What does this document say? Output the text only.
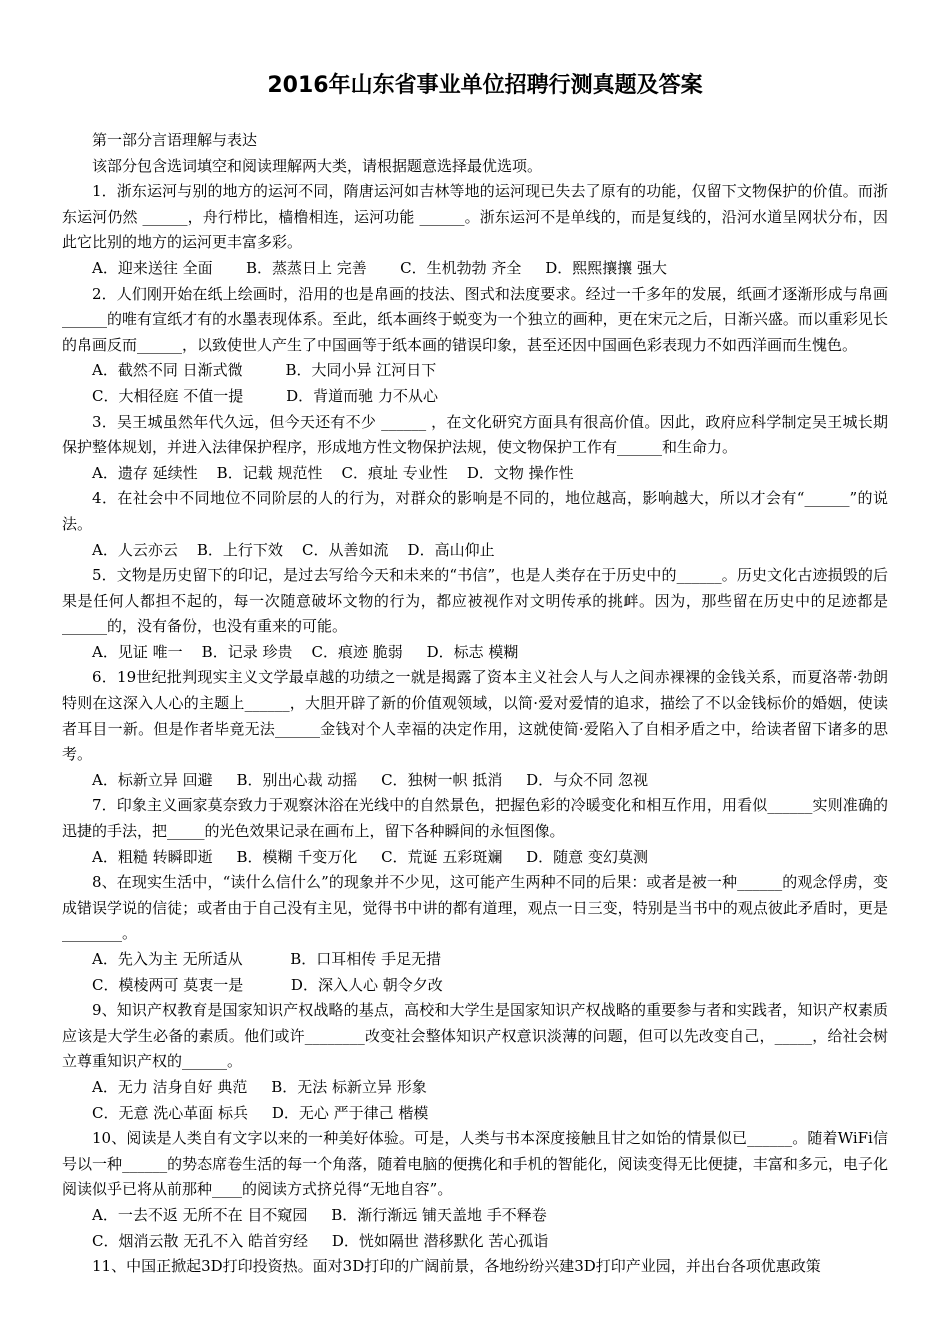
2016年山东省事业单位招聘行测真题及答案

第一部分言语理解与表达

该部分包含选词填空和阅读理解两大类，请根据题意选择最优选项。

1．浙东运河与别的地方的运河不同，隋唐运河如吉林等地的运河现已失去了原有的功能，仅留下文物保护的价值。而浙东运河仍然 ______，舟行栉比，樯橹相连，运河功能 ______。浙东运河不是单线的，而是复线的，沿河水道呈网状分布，因此它比别的地方的运河更丰富多彩。

A．迎来送往 全面       B．蒸蒸日上 完善       C．生机勃勃 齐全     D．熙熙攘攘 强大

2．人们刚开始在纸上绘画时，沿用的也是帛画的技法、图式和法度要求。经过一千多年的发展，纸画才逐渐形成与帛画______的唯有宣纸才有的水墨表现体系。至此，纸本画终于蜕变为一个独立的画种，更在宋元之后，日渐兴盛。而以重彩见长的帛画反而______，以致使世人产生了中国画等于纸本画的错误印象，甚至还因中国画色彩表现力不如西洋画而生愧色。

A．截然不同 日渐式微         B．大同小异 江河日下

C．大相径庭 不值一提         D．背道而驰 力不从心

3．吴王城虽然年代久远，但今天还有不少 ______ ，在文化研究方面具有很高价值。因此，政府应科学制定吴王城长期保护整体规划，并进入法律保护程序，形成地方性文物保护法规，使文物保护工作有______和生命力。

A．遗存 延续性    B．记载 规范性    C．痕址 专业性    D．文物 操作性

4．在社会中不同地位不同阶层的人的行为，对群众的影响是不同的，地位越高，影响越大，所以才会有“______”的说法。

A．人云亦云    B．上行下效    C．从善如流    D．高山仰止

5．文物是历史留下的印记，是过去写给今天和未来的“书信”，也是人类存在于历史中的______。历史文化古迹损毁的后果是任何人都担不起的，每一次随意破坏文物的行为，都应被视作对文明传承的挑衅。因为，那些留在历史中的足迹都是______的，没有备份，也没有重来的可能。

A．见证 唯一    B．记录 珍贵    C．痕迹 脆弱     D．标志 模糊

6．19世纪批判现实主义文学最卓越的功绩之一就是揭露了资本主义社会人与人之间赤裸裸的金钱关系，而夏洛蒂·勃朗特则在这深入人心的主题上______，大胆开辟了新的价值观领域，以简·爱对爱情的追求，描绘了不以金钱标价的婚姻，使读者耳目一新。但是作者毕竟无法______金钱对个人幸福的决定作用，这就使简·爱陷入了自相矛盾之中，给读者留下诸多的思考。

A．标新立异 回避     B．别出心裁 动摇     C．独树一帜 抵消     D．与众不同 忽视

7．印象主义画家莫奈致力于观察沐浴在光线中的自然景色，把握色彩的冷暖变化和相互作用，用看似______实则准确的迅捷的手法，把_____的光色效果记录在画布上，留下各种瞬间的永恒图像。

A．粗糙 转瞬即逝     B．模糊 千变万化     C．荒诞 五彩斑斓     D．随意 变幻莫测

8、在现实生活中，“读什么信什么”的现象并不少见，这可能产生两种不同的后果：或者是被一种______的观念俘虏，变成错误学说的信徒；或者由于自己没有主见，觉得书中讲的都有道理，观点一日三变，特别是当书中的观点彼此矛盾时，更是________。

A．先入为主 无所适从          B．口耳相传 手足无措

C．模棱两可 莫衷一是          D．深入人心 朝令夕改

9、知识产权教育是国家知识产权战略的基点，高校和大学生是国家知识产权战略的重要参与者和实践者，知识产权素质应该是大学生必备的素质。他们或许________改变社会整体知识产权意识淡薄的问题，但可以先改变自己，_____，给社会树立尊重知识产权的______。

A．无力 洁身自好 典范     B．无法 标新立异 形象

C．无意 洗心革面 标兵     D．无心 严于律己 楷模

10、阅读是人类自有文字以来的一种美好体验。可是，人类与书本深度接触且甘之如饴的情景似已______。随着WiFi信号以一种______的势态席卷生活的每一个角落，随着电脑的便携化和手机的智能化，阅读变得无比便捷，丰富和多元，电子化阅读似乎已将从前那种____的阅读方式挤兑得“无地自容”。

A．一去不返 无所不在 目不窥园     B．渐行渐远 铺天盖地 手不释卷

C．烟消云散 无孔不入 皓首穷经     D．恍如隔世 潜移默化 苦心孤诣

11、中国正掀起3D打印投资热。面对3D打印的广阔前景，各地纷纷兴建3D打印产业园，并出台各项优惠政策
